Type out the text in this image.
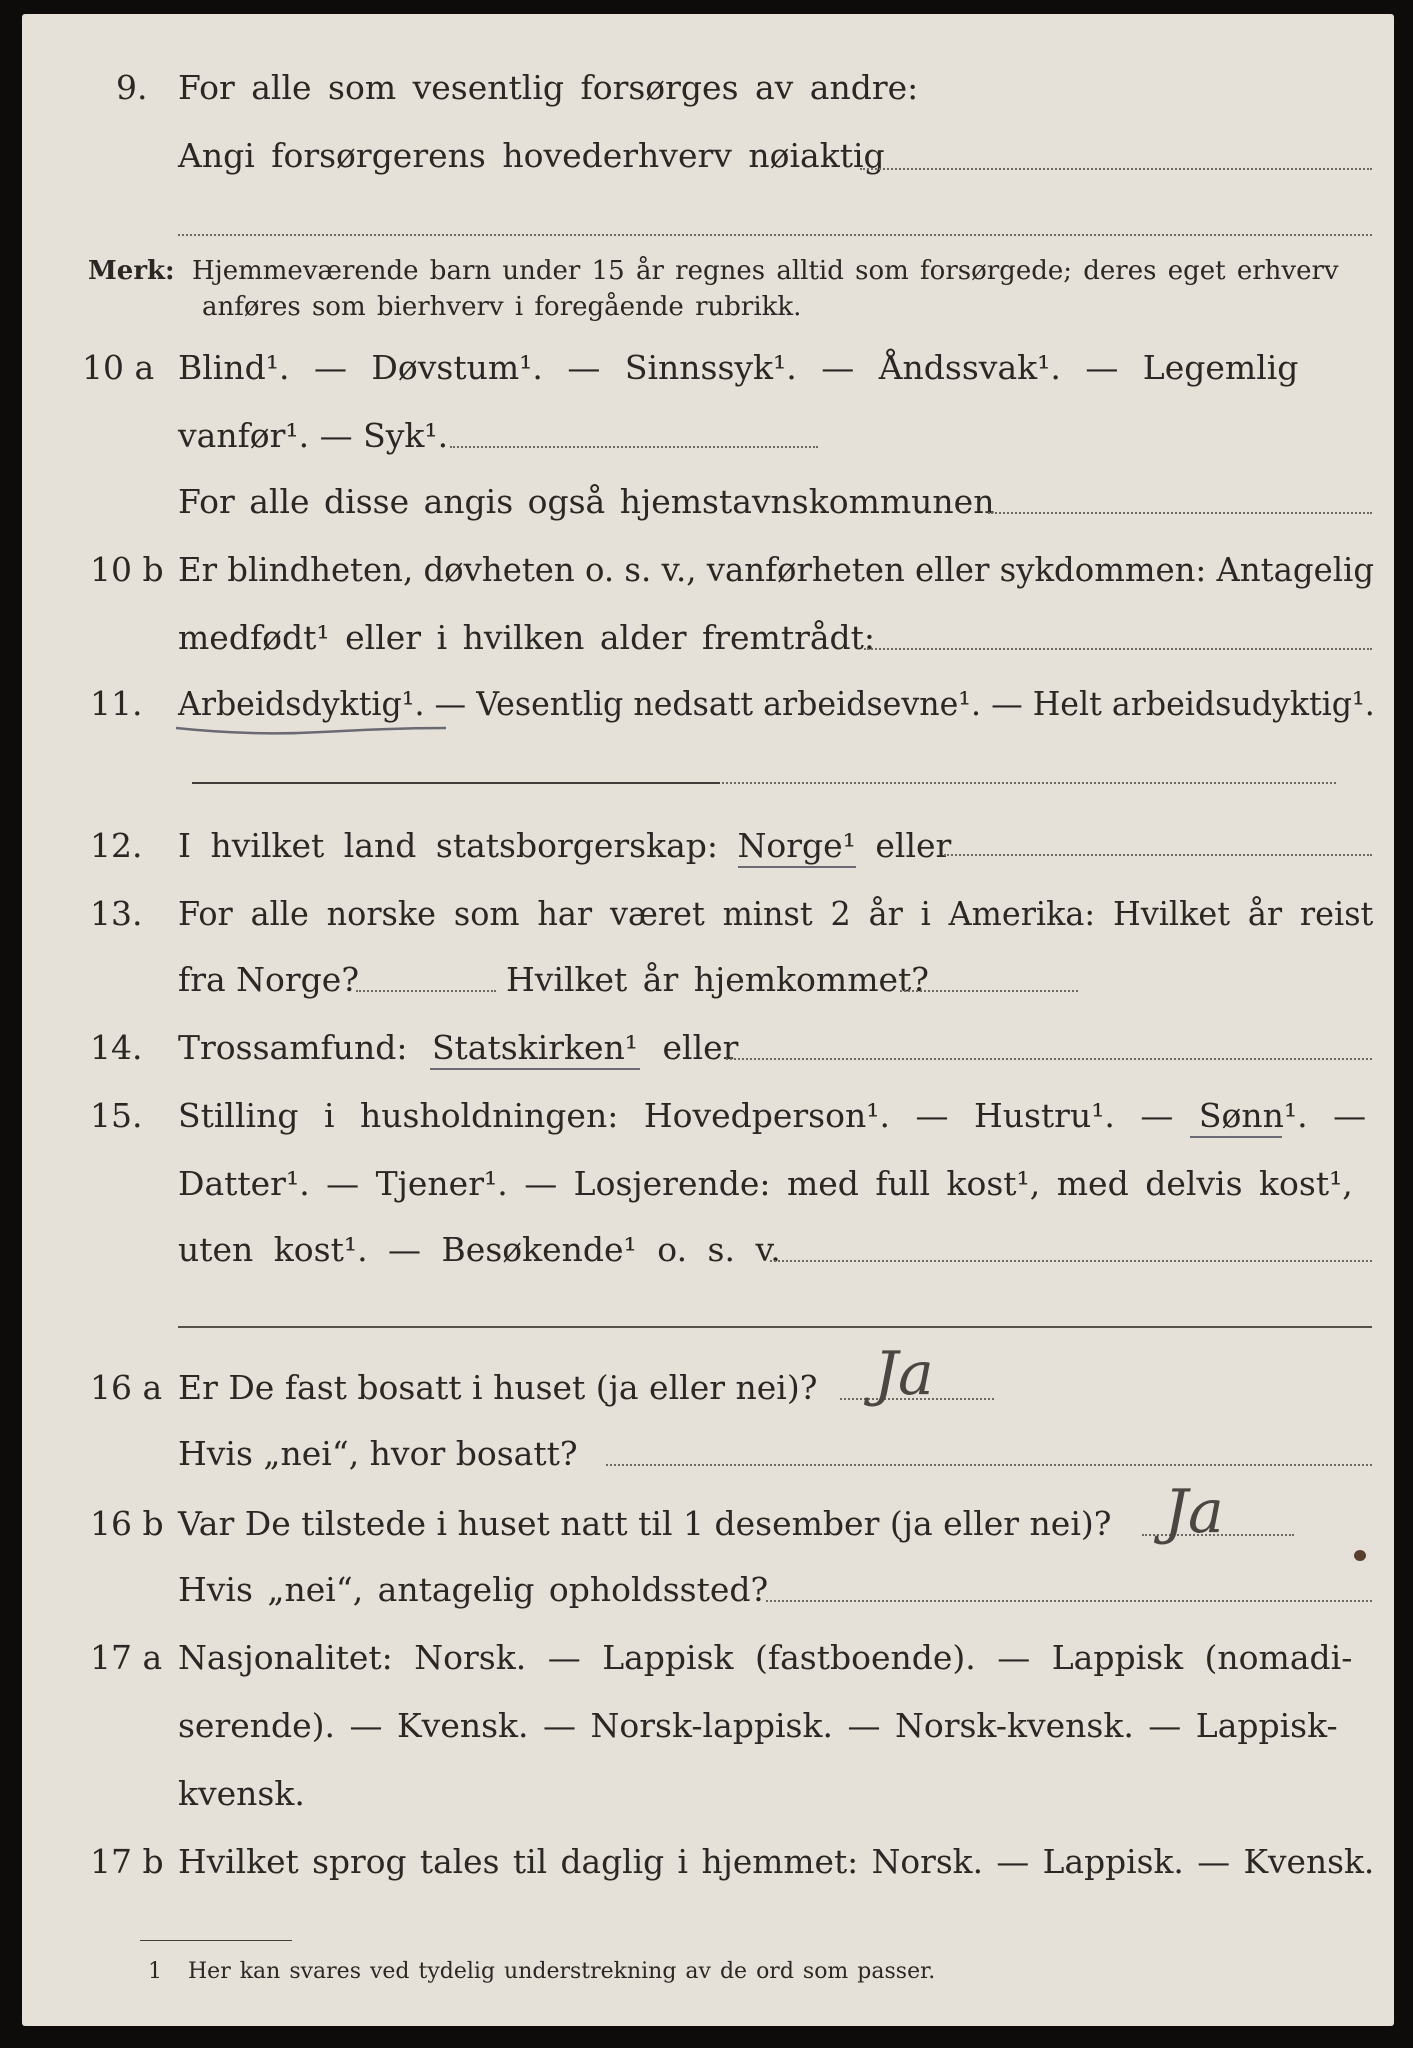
9. For alle som vesentlig forsørges av andre:
Angi forsørgerens hovederhverv nøiaktig
Merk: Hjemmeværende barn under 15 år regnes alltid som forsørgede; deres eget erhverv
anføres som bierhverv i foregående rubrikk.
10 a Blind¹. — Døvstum¹. — Sinnssyk¹. — Åndssvak¹. — Legemlig
vanfør¹. — Syk¹.
For alle disse angis også hjemstavnskommunen
10 b Er blindheten, døvheten o. s. v., vanførheten eller sykdommen: Antagelig
medfødt¹ eller i hvilken alder fremtrådt:
11. Arbeidsdyktig¹. — Vesentlig nedsatt arbeidsevne¹. — Helt arbeidsudyktig¹.
12. I hvilket land statsborgerskap: Norge¹ eller
13. For alle norske som har været minst 2 år i Amerika: Hvilket år reist
fra Norge?	Hvilket år hjemkommet?
14. Trossamfund: Statskirken¹ eller
15. Stilling i husholdningen: Hovedperson¹. — Hustru¹. — Sønn¹. —
Datter¹. — Tjener¹. — Losjerende: med full kost¹, med delvis kost¹,
uten kost¹. — Besøkende¹ o. s. v.
16 a Er De fast bosatt i huset (ja eller nei)? Ja
Hvis „nei“, hvor bosatt?
16 b Var De tilstede i huset natt til 1 desember (ja eller nei)? Ja
Hvis „nei“, antagelig opholdssted?
17 a Nasjonalitet: Norsk. — Lappisk (fastboende). — Lappisk (nomadi-
serende). — Kvensk. — Norsk-lappisk. — Norsk-kvensk. — Lappisk-
kvensk.
17 b Hvilket sprog tales til daglig i hjemmet: Norsk. — Lappisk. — Kvensk.
1 Her kan svares ved tydelig understrekning av de ord som passer.
